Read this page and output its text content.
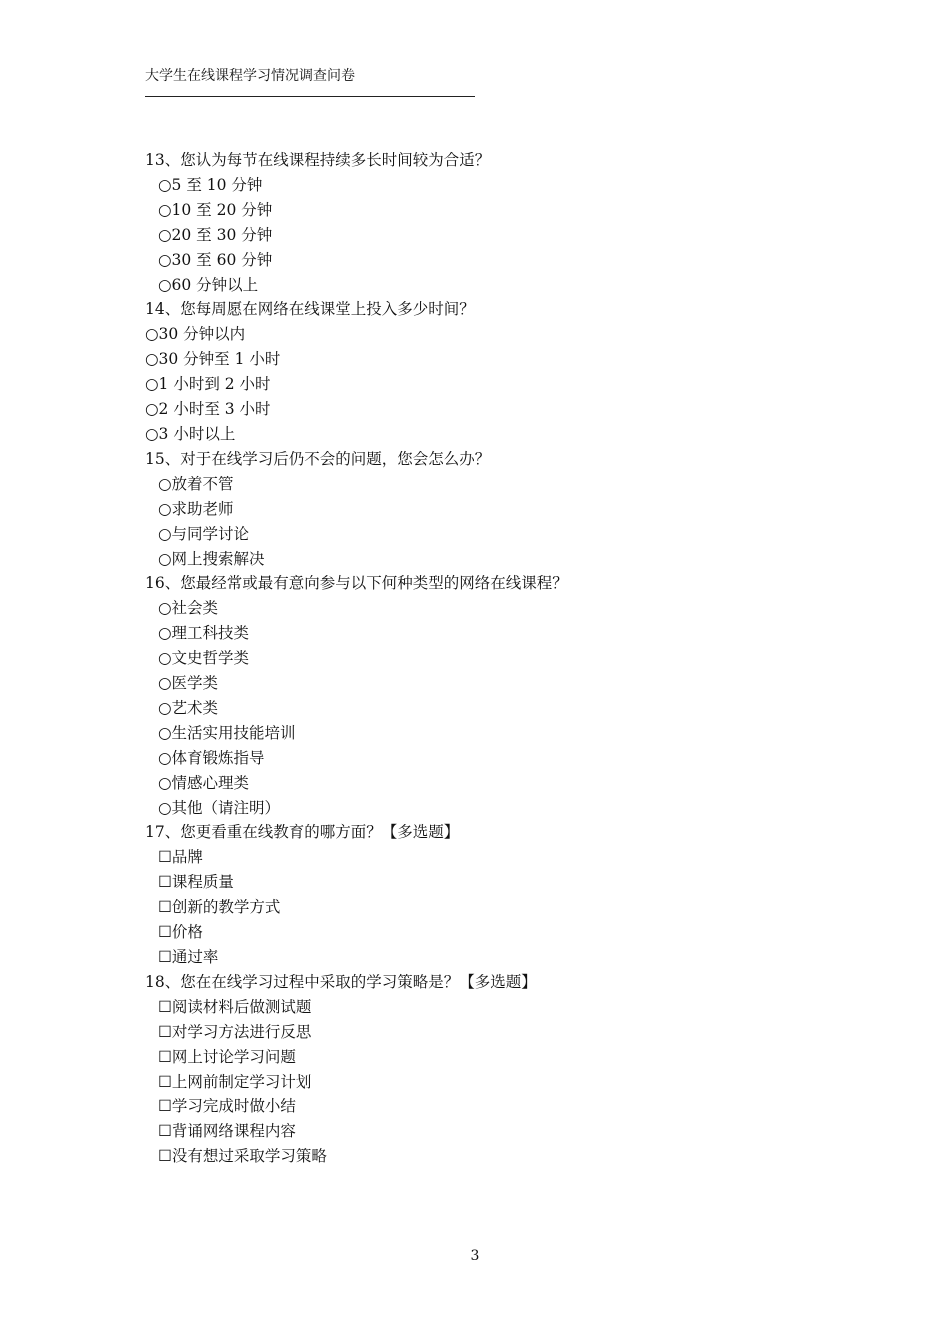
大学生在线课程学习情况调查问卷
13、您认为每节在线课程持续多长时间较为合适？
○5 至 10 分钟
○10 至 20 分钟
○20 至 30 分钟
○30 至 60 分钟
○60 分钟以上
14、您每周愿在网络在线课堂上投入多少时间？
○30 分钟以内
○30 分钟至 1 小时
○1 小时到 2 小时
○2 小时至 3 小时
○3 小时以上
15、对于在线学习后仍不会的问题，您会怎么办？
○放着不管
○求助老师
○与同学讨论
○网上搜索解决
16、您最经常或最有意向参与以下何种类型的网络在线课程？
○社会类
○理工科技类
○文史哲学类
○医学类
○艺术类
○生活实用技能培训
○体育锻炼指导
○情感心理类
○其他（请注明）
17、您更看重在线教育的哪方面？【多选题】
☐品牌
☐课程质量
☐创新的教学方式
☐价格
☐通过率
18、您在在线学习过程中采取的学习策略是？【多选题】
☐阅读材料后做测试题
☐对学习方法进行反思
☐网上讨论学习问题
☐上网前制定学习计划
☐学习完成时做小结
☐背诵网络课程内容
☐没有想过采取学习策略
3
